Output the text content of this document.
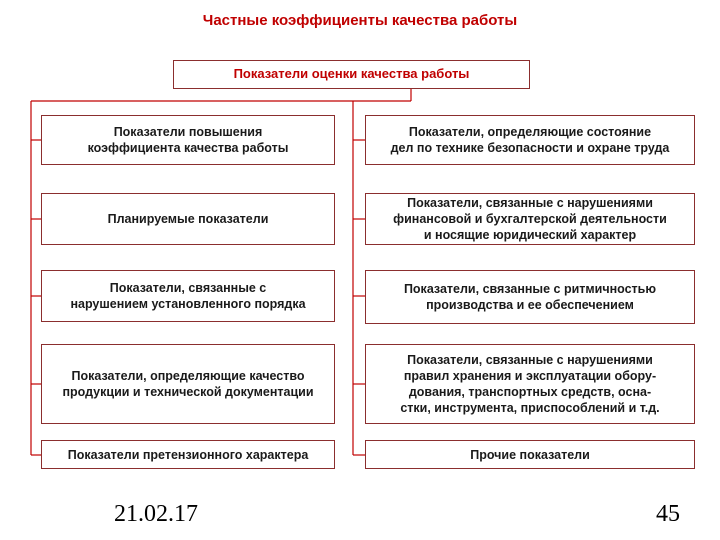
Частные коэффициенты качества работы
Показатели оценки качества работы
Показатели повышения
коэффициента качества работы
Планируемые показатели
Показатели, связанные с
нарушением установленного порядка
Показатели, определяющие качество
продукции и технической документации
Показатели претензионного характера
Показатели, определяющие состояние
дел по технике безопасности и охране труда
Показатели, связанные с нарушениями
финансовой и бухгалтерской деятельности
и носящие юридический характер
Показатели, связанные с ритмичностью
производства и ее обеспечением
Показатели, связанные с нарушениями
правил хранения и эксплуатации обору-
дования, транспортных средств, осна-
стки, инструмента, приспособлений и т.д.
Прочие показатели
21.02.17	45
